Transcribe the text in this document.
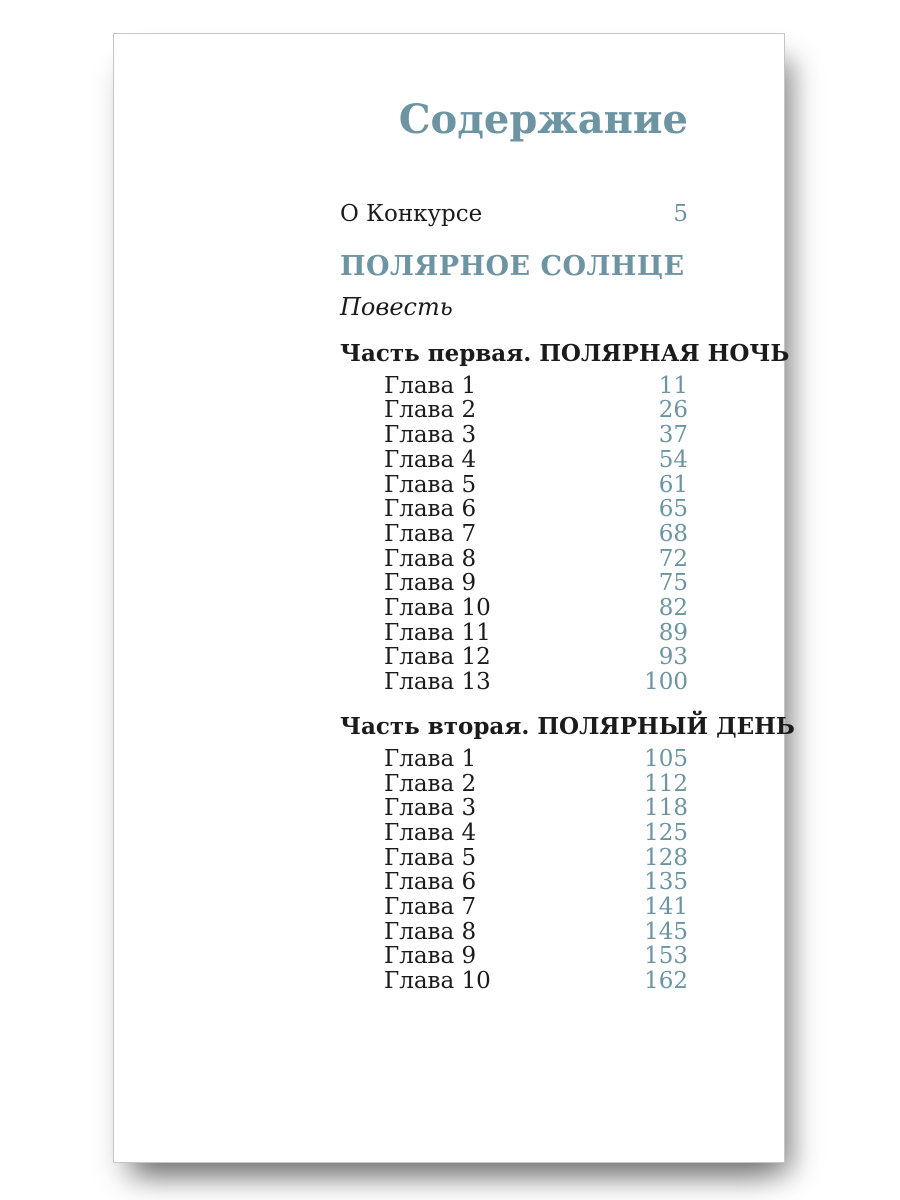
Содержание
О Конкурсе	5
ПОЛЯРНОЕ СОЛНЦЕ
Повесть
Часть первая. ПОЛЯРНАЯ НОЧЬ
Глава 1	11
Глава 2	26
Глава 3	37
Глава 4	54
Глава 5	61
Глава 6	65
Глава 7	68
Глава 8	72
Глава 9	75
Глава 10	82
Глава 11	89
Глава 12	93
Глава 13	100
Часть вторая. ПОЛЯРНЫЙ ДЕНЬ
Глава 1	105
Глава 2	112
Глава 3	118
Глава 4	125
Глава 5	128
Глава 6	135
Глава 7	141
Глава 8	145
Глава 9	153
Глава 10	162
